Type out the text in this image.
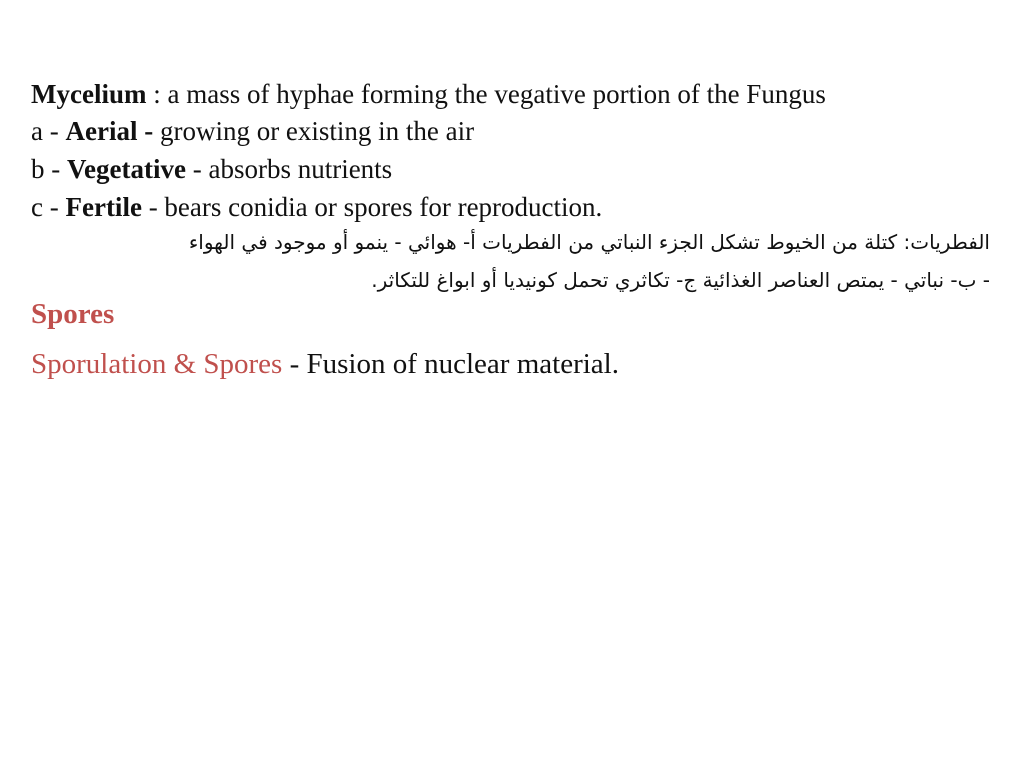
Mycelium : a mass of hyphae forming the vegative portion of the Fungus
a - Aerial - growing or existing in the air
b - Vegetative - absorbs nutrients
c - Fertile - bears conidia or spores for reproduction.
الفطريات: كتلة من الخيوط تشكل الجزء النباتي من الفطريات أ- هوائي - ينمو أو موجود في الهواء
- ب- نباتي - يمتص العناصر الغذائية ج- تكاثري تحمل كونيديا أو ابواغ للتكاثر.
Spores
Sporulation & Spores - Fusion of nuclear material.
